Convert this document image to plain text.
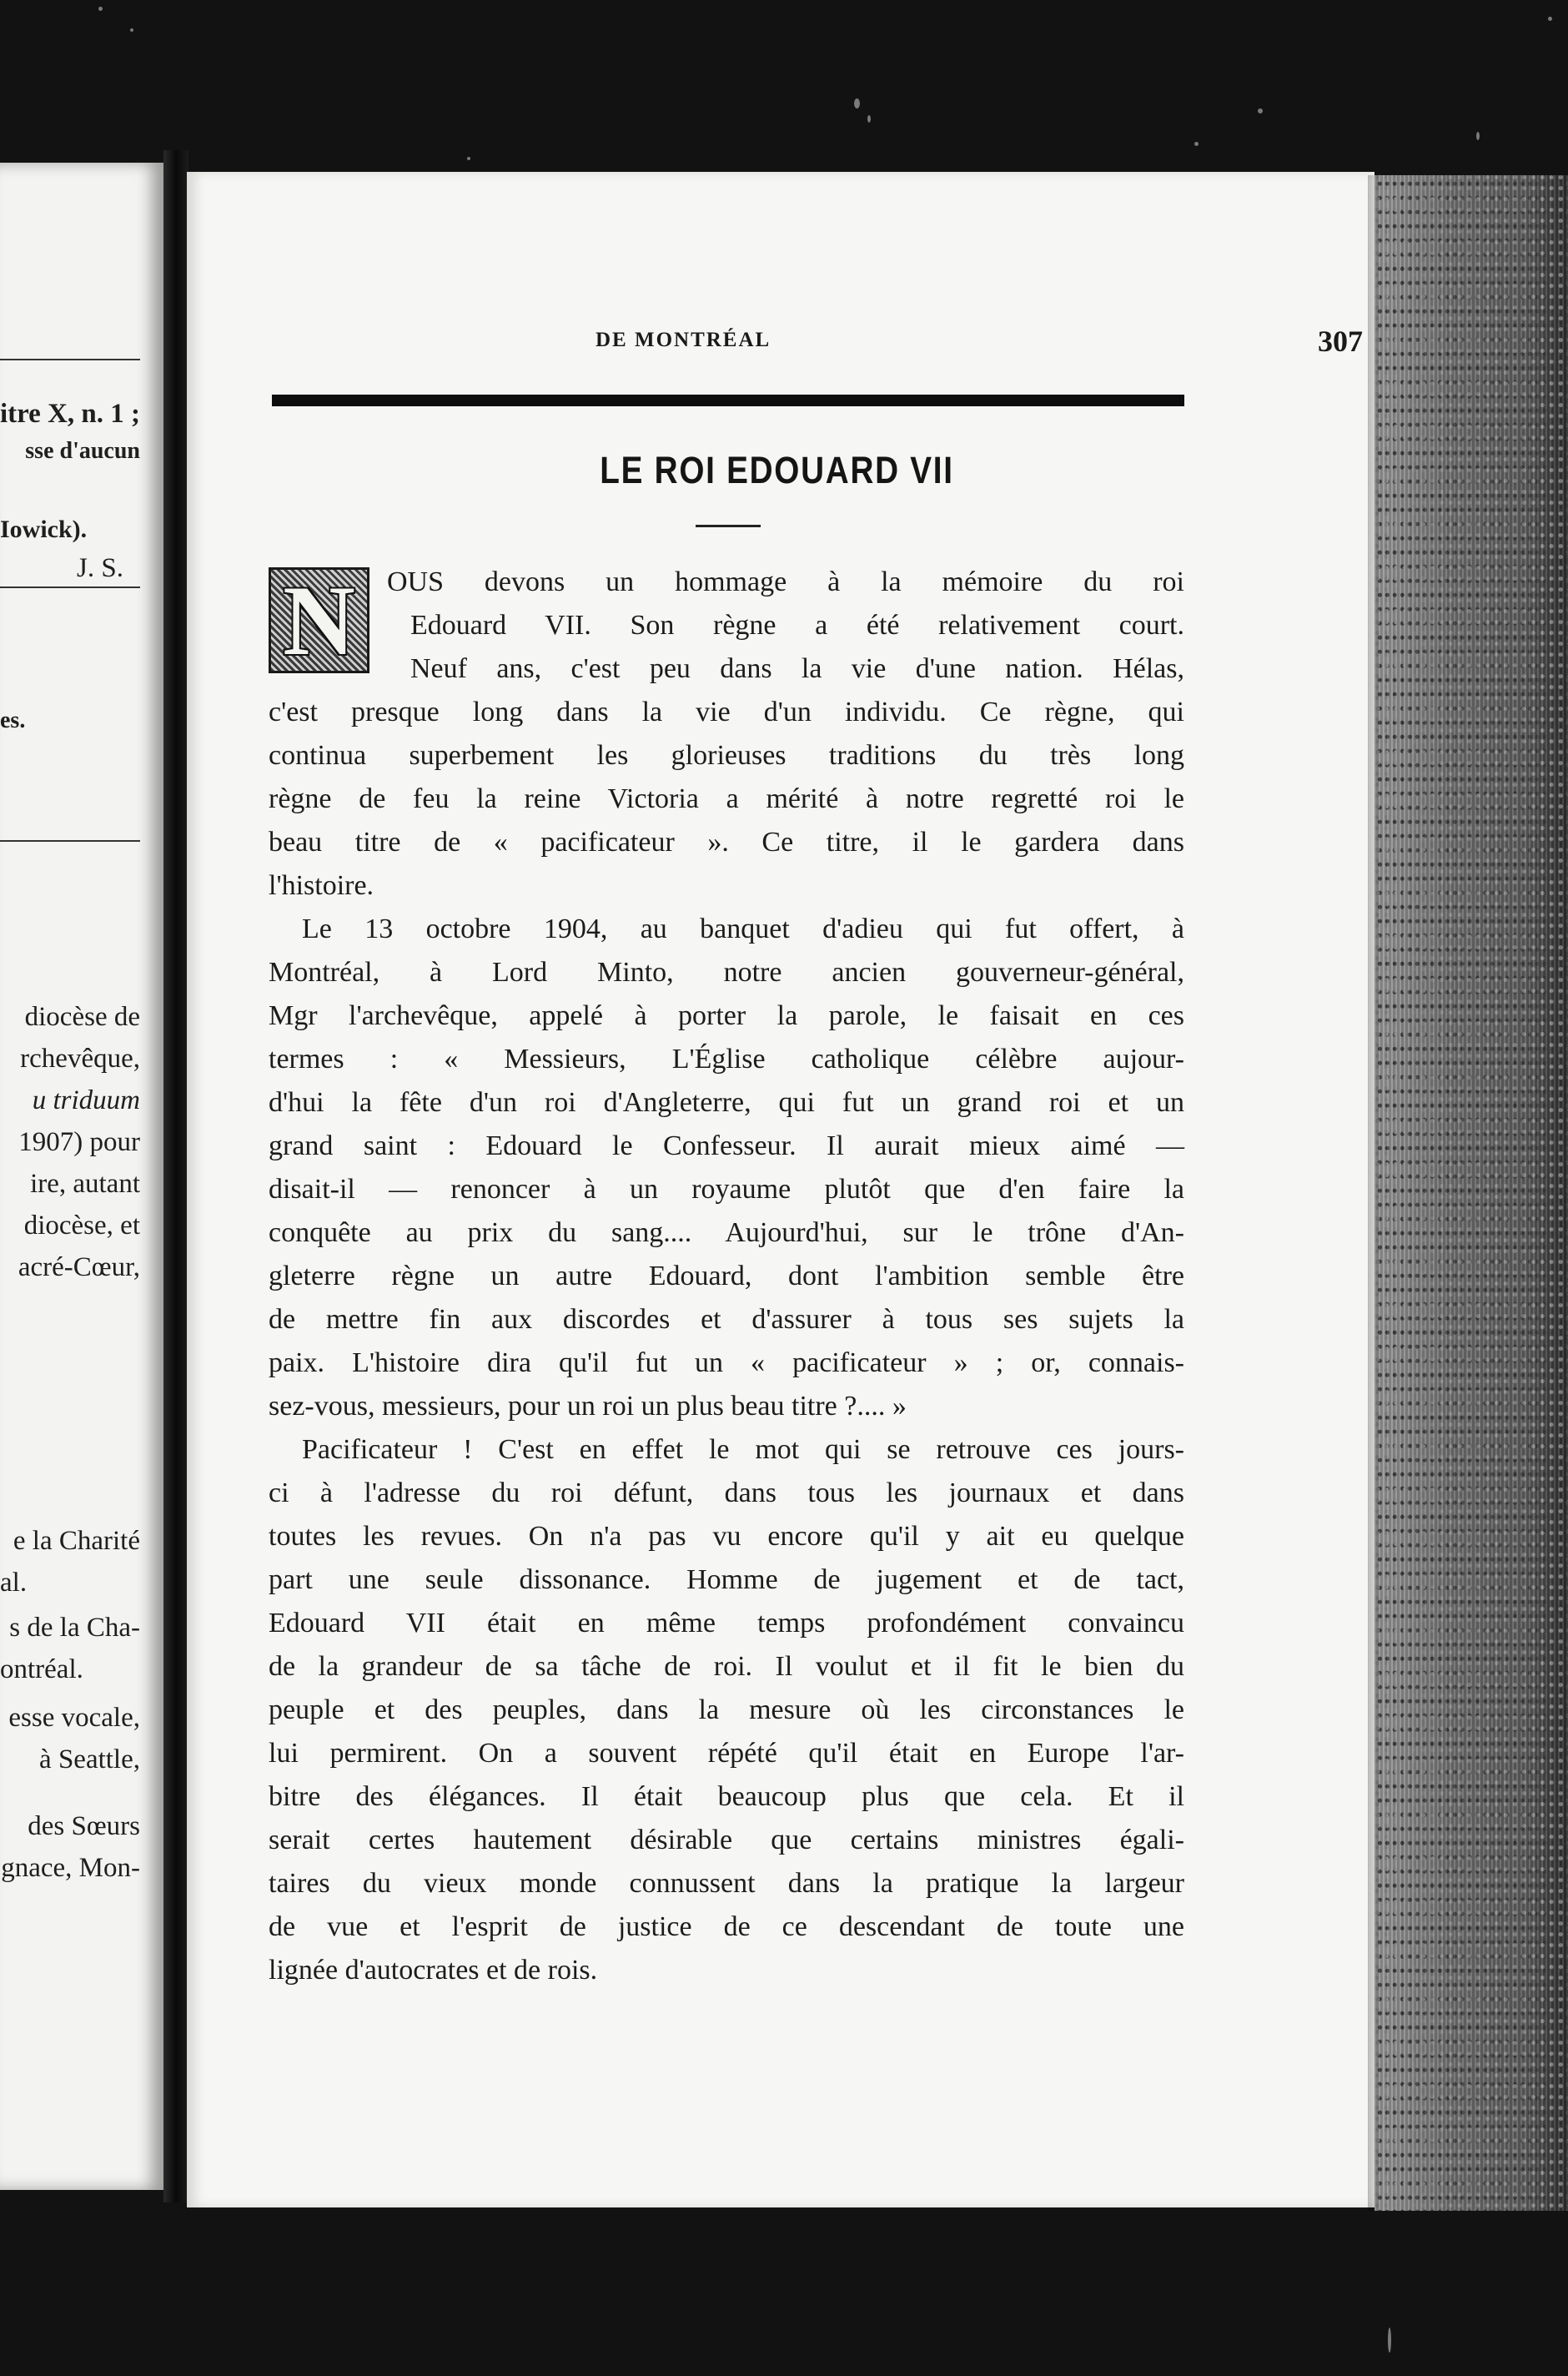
itre X, n. 1 ;
sse d'aucun
Iowick).
J. S.
es.
diocèse de
rchevêque,
u triduum
1907) pour
ire, autant
diocèse, et
acré-Cœur,
e la Charité
al.
s de la Cha-
ontréal.
esse vocale,
à Seattle,
des Sœurs
gnace, Mon-
DE MONTRÉAL	307
LE ROI EDOUARD VII
N	OUS devons un hommage à la mémoire du roi
Edouard VII. Son règne a été relativement court.
Neuf ans, c'est peu dans la vie d'une nation. Hélas,
c'est presque long dans la vie d'un individu. Ce règne, qui
continua superbement les glorieuses traditions du très long
règne de feu la reine Victoria a mérité à notre regretté roi le
beau titre de « pacificateur ». Ce titre, il le gardera dans
l'histoire.
Le 13 octobre 1904, au banquet d'adieu qui fut offert, à
Montréal, à Lord Minto, notre ancien gouverneur-général,
Mgr l'archevêque, appelé à porter la parole, le faisait en ces
termes : « Messieurs, L'Église catholique célèbre aujour-
d'hui la fête d'un roi d'Angleterre, qui fut un grand roi et un
grand saint : Edouard le Confesseur. Il aurait mieux aimé —
disait-il — renoncer à un royaume plutôt que d'en faire la
conquête au prix du sang.... Aujourd'hui, sur le trône d'An-
gleterre règne un autre Edouard, dont l'ambition semble être
de mettre fin aux discordes et d'assurer à tous ses sujets la
paix. L'histoire dira qu'il fut un « pacificateur » ; or, connais-
sez-vous, messieurs, pour un roi un plus beau titre ?.... »
Pacificateur ! C'est en effet le mot qui se retrouve ces jours-
ci à l'adresse du roi défunt, dans tous les journaux et dans
toutes les revues. On n'a pas vu encore qu'il y ait eu quelque
part une seule dissonance. Homme de jugement et de tact,
Edouard VII était en même temps profondément convaincu
de la grandeur de sa tâche de roi. Il voulut et il fit le bien du
peuple et des peuples, dans la mesure où les circonstances le
lui permirent. On a souvent répété qu'il était en Europe l'ar-
bitre des élégances. Il était beaucoup plus que cela. Et il
serait certes hautement désirable que certains ministres égali-
taires du vieux monde connussent dans la pratique la largeur
de vue et l'esprit de justice de ce descendant de toute une
lignée d'autocrates et de rois.
